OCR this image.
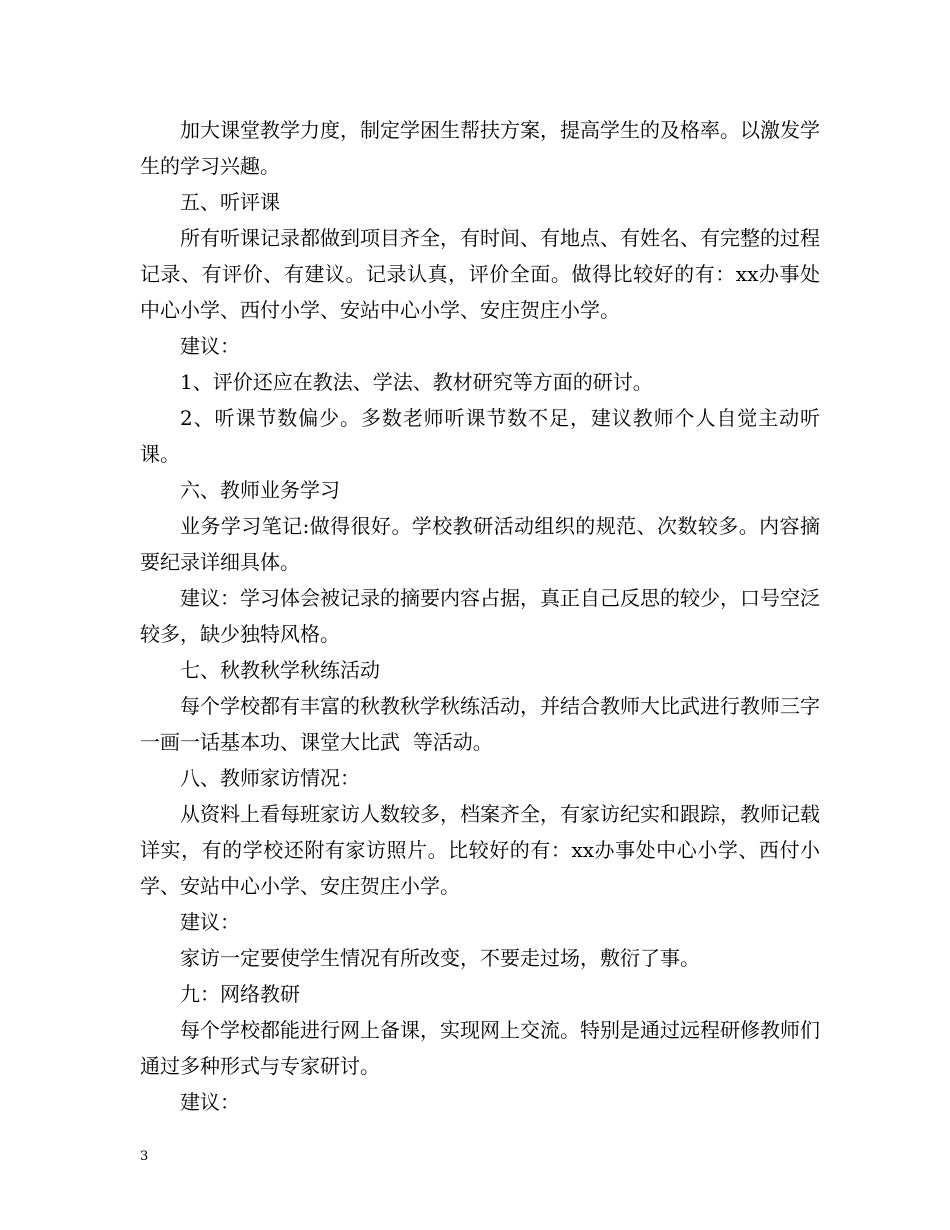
加大课堂教学力度，制定学困生帮扶方案，提高学生的及格率。以激发学生的学习兴趣。

五、听评课

所有听课记录都做到项目齐全，有时间、有地点、有姓名、有完整的过程记录、有评价、有建议。记录认真，评价全面。做得比较好的有：xx办事处中心小学、西付小学、安站中心小学、安庄贺庄小学。

建议：

1、评价还应在教法、学法、教材研究等方面的研讨。

2、听课节数偏少。多数老师听课节数不足，建议教师个人自觉主动听课。

六、教师业务学习

业务学习笔记:做得很好。学校教研活动组织的规范、次数较多。内容摘要纪录详细具体。

建议：学习体会被记录的摘要内容占据，真正自己反思的较少，口号空泛较多，缺少独特风格。

七、秋教秋学秋练活动

每个学校都有丰富的秋教秋学秋练活动，并结合教师大比武进行教师三字一画一话基本功、课堂大比武  等活动。

八、教师家访情况：

从资料上看每班家访人数较多，档案齐全，有家访纪实和跟踪，教师记载详实，有的学校还附有家访照片。比较好的有：xx办事处中心小学、西付小学、安站中心小学、安庄贺庄小学。

建议：

家访一定要使学生情况有所改变，不要走过场，敷衍了事。

九：网络教研

每个学校都能进行网上备课，实现网上交流。特别是通过远程研修教师们通过多种形式与专家研讨。

建议：

3
